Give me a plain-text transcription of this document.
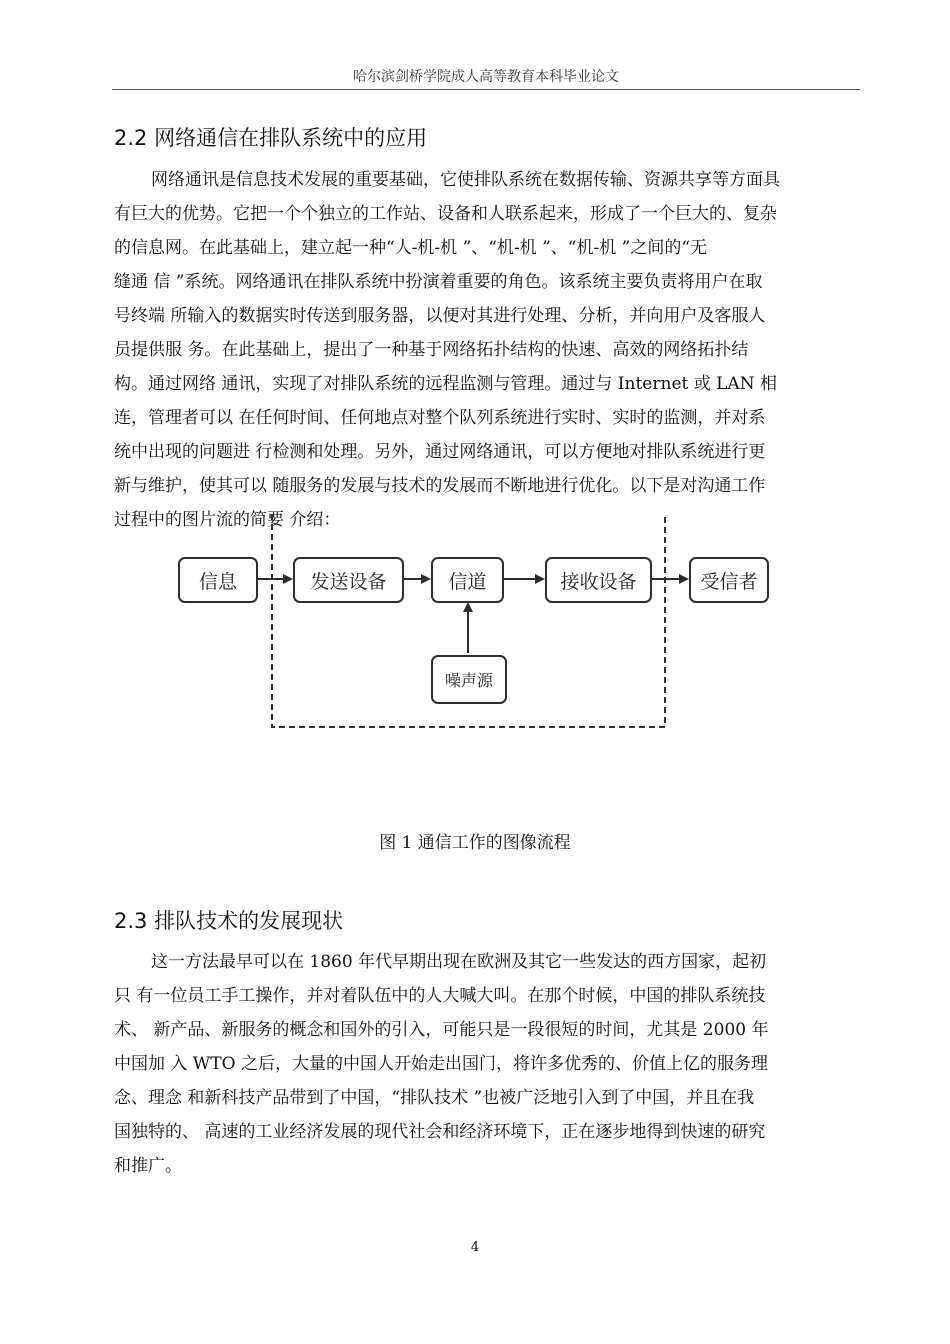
哈尔滨剑桥学院成人高等教育本科毕业论文
2.2 网络通信在排队系统中的应用
网络通讯是信息技术发展的重要基础，它使排队系统在数据传输、资源共享等方面具
有巨大的优势。它把一个个独立的工作站、设备和人联系起来，形成了一个巨大的、复杂
的信息网。在此基础上，建立起一种“人-机-机 ”、“机-机 ”、“机-机 ”之间的“无
缝通 信 ”系统。网络通讯在排队系统中扮演着重要的角色。该系统主要负责将用户在取
号终端 所输入的数据实时传送到服务器，以便对其进行处理、分析，并向用户及客服人
员提供服 务。在此基础上，提出了一种基于网络拓扑结构的快速、高效的网络拓扑结
构。通过网络 通讯，实现了对排队系统的远程监测与管理。通过与 Internet 或 LAN 相
连，管理者可以 在任何时间、任何地点对整个队列系统进行实时、实时的监测，并对系
统中出现的问题进 行检测和处理。另外，通过网络通讯，可以方便地对排队系统进行更
新与维护，使其可以 随服务的发展与技术的发展而不断地进行优化。以下是对沟通工作
过程中的图片流的简要 介绍：
信息	发送设备	信道	接收设备	受信者
噪声源
图 1 通信工作的图像流程
2.3 排队技术的发展现状
这一方法最早可以在 1860 年代早期出现在欧洲及其它一些发达的西方国家，起初
只 有一位员工手工操作，并对着队伍中的人大喊大叫。在那个时候，中国的排队系统技
术、 新产品、新服务的概念和国外的引入，可能只是一段很短的时间，尤其是 2000 年
中国加 入 WTO 之后，大量的中国人开始走出国门，将许多优秀的、价值上亿的服务理
念、理念 和新科技产品带到了中国，“排队技术 ”也被广泛地引入到了中国，并且在我
国独特的、 高速的工业经济发展的现代社会和经济环境下，正在逐步地得到快速的研究
和推广。
4
